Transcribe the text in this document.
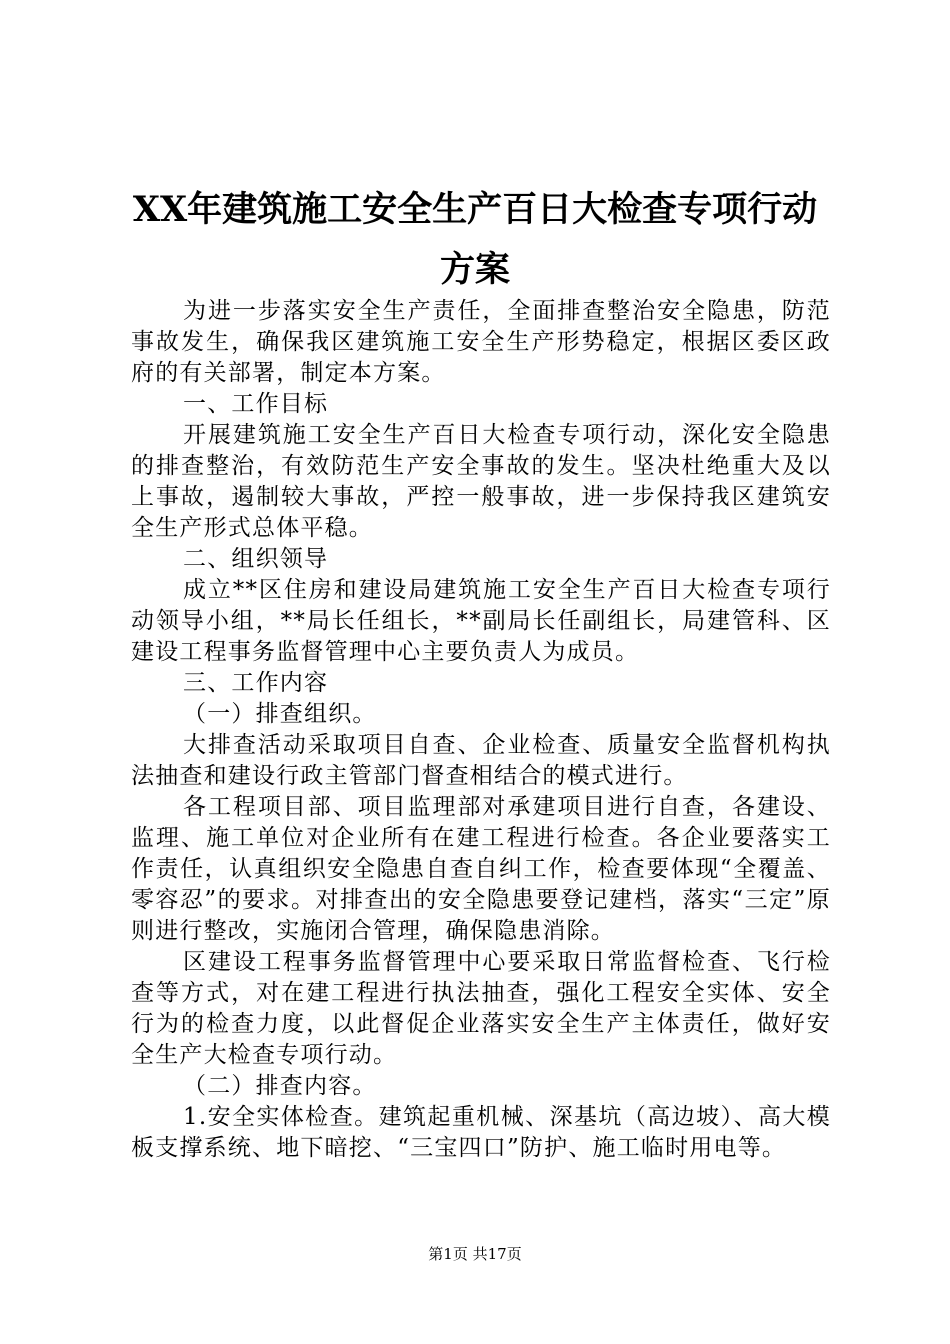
XX年建筑施工安全生产百日大检查专项行动
方案

为进一步落实安全生产责任，全面排查整治安全隐患，防范事故发生，确保我区建筑施工安全生产形势稳定，根据区委区政府的有关部署，制定本方案。

一、工作目标

开展建筑施工安全生产百日大检查专项行动，深化安全隐患的排查整治，有效防范生产安全事故的发生。坚决杜绝重大及以上事故，遏制较大事故，严控一般事故，进一步保持我区建筑安全生产形式总体平稳。

二、组织领导

成立**区住房和建设局建筑施工安全生产百日大检查专项行动领导小组，**局长任组长，**副局长任副组长，局建管科、区建设工程事务监督管理中心主要负责人为成员。

三、工作内容

（一）排查组织。

大排查活动采取项目自查、企业检查、质量安全监督机构执法抽查和建设行政主管部门督查相结合的模式进行。

各工程项目部、项目监理部对承建项目进行自查，各建设、监理、施工单位对企业所有在建工程进行检查。各企业要落实工作责任，认真组织安全隐患自查自纠工作，检查要体现“全覆盖、零容忍”的要求。对排查出的安全隐患要登记建档，落实“三定”原则进行整改，实施闭合管理，确保隐患消除。

区建设工程事务监督管理中心要采取日常监督检查、飞行检查等方式，对在建工程进行执法抽查，强化工程安全实体、安全行为的检查力度，以此督促企业落实安全生产主体责任，做好安全生产大检查专项行动。

（二）排查内容。

1.安全实体检查。建筑起重机械、深基坑（高边坡）、高大模板支撑系统、地下暗挖、“三宝四口”防护、施工临时用电等。

第1页 共17页
